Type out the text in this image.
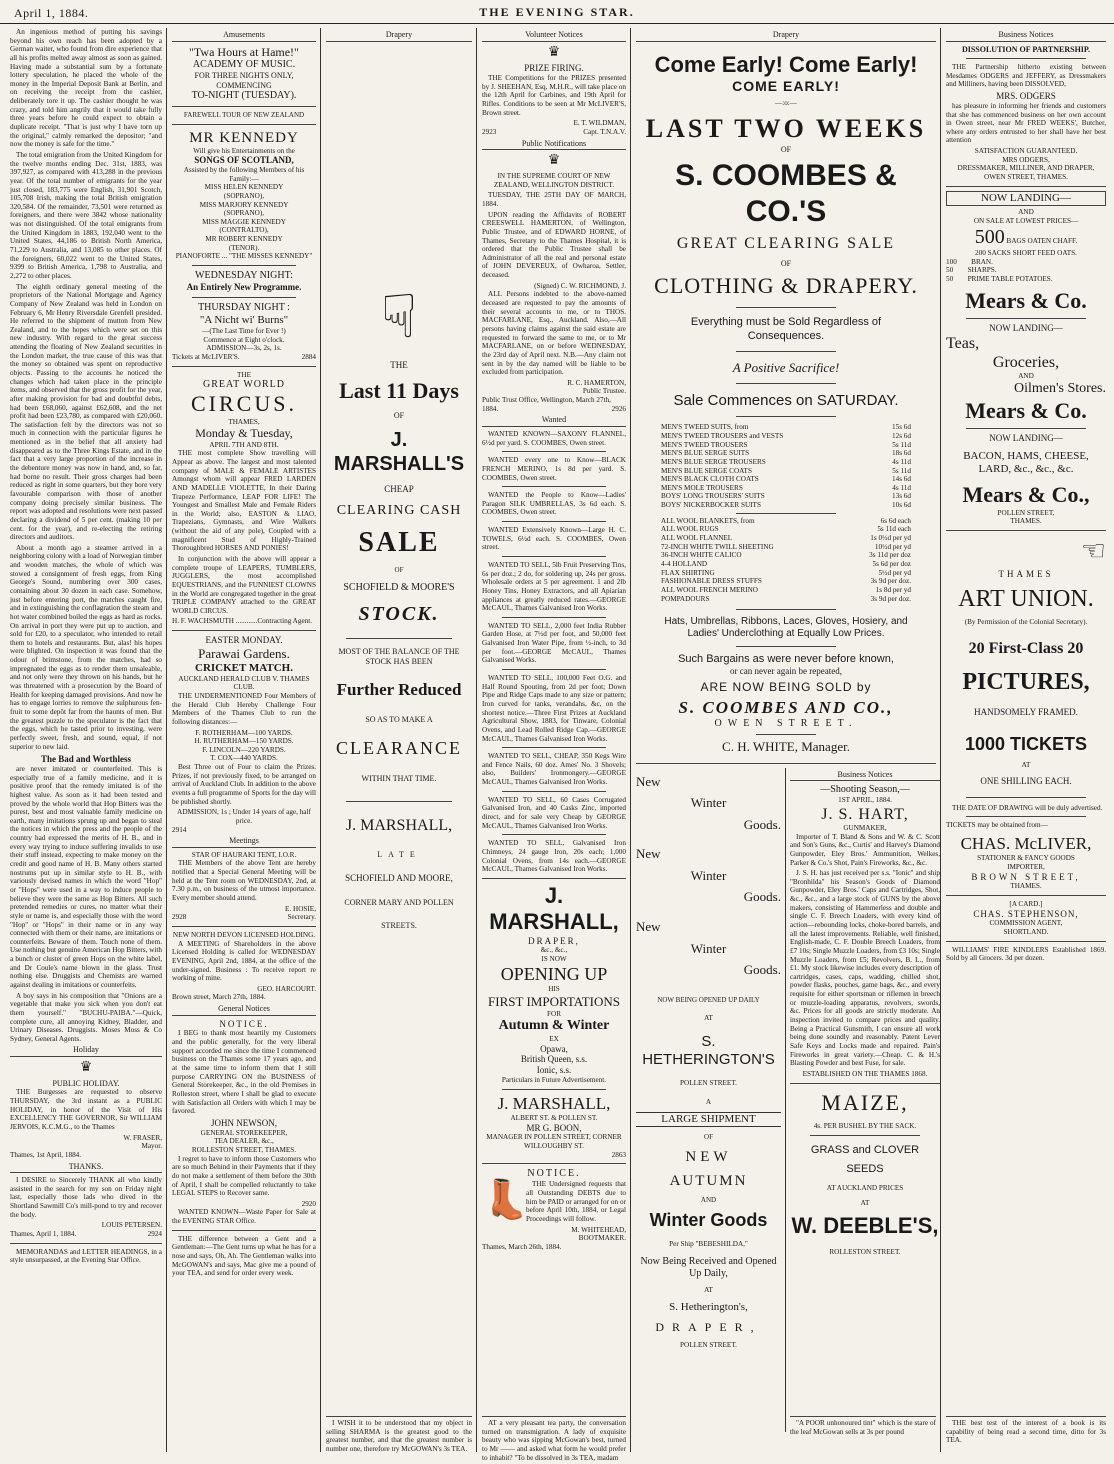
April 1, 1884.	THE EVENING STAR.

An ingenious method of putting his savings beyond his own reach has been adopted by a German waiter, who found from dire experience that all his profits melted away almost as soon as gained. Having made a substantial sum by a fortunate lottery speculation, he placed the whole of the money in the Imperial Deposit Bank at Berlin, and on receiving the receipt from the cashier, deliberately tore it up. The cashier thought he was crazy, and told him angrily that it would take fully three years before he could expect to obtain a duplicate receipt. "That is just why I have torn up the original," calmly remarked the depositor; "and now the money is safe for the time."

The total emigration from the United Kingdom for the twelve months ending Dec. 31st, 1883, was 397,927, as compared with 413,288 in the previous year. Of the total number of emigrants for the year just closed, 183,775 were English, 31,901 Scotch, 105,708 Irish, making the total British emigration 320,584. Of the remainder, 73,501 were returned as foreigners, and there were 3842 whose nationality was not distinguished. Of the total emigrants from the United Kingdom in 1883, 192,040 went to the United States, 44,186 to British North America, 71,229 to Australia, and 13,085 to other places. Of the foreigners, 60,022 went to the United States, 9399 to British America, 1,798 to Australia, and 2,272 to other places.

The eighth ordinary general meeting of the proprietors of the National Mortgage and Agency Company of New Zealand was held in London on February 6, Mr Henry Riversdale Grenfell presided. He referred to the shipment of mutton from New Zealand, and to the hopes which were set on this new industry. With regard to the great success attending the floating of New Zealand securities in the London market, the true cause of this was that the money so obtained was spent on reproductive objects. Passing to the accounts he noticed the changes which had taken place in the principle items, and observed that the gross profit for the year, after making provision for bad and doubtful debts, had been £68,060, against £62,608, and the net profit had been £23,780, as compared with £20,060. The satisfaction felt by the directors was not so much in connection with the particular figures he mentioned as in the belief that all anxiety had disappeared as to the Three Kings Estate, and in the fact that a very large proportion of the increase in the debenture money was now in hand, and, so far, had borne no result. Their gross charges had been reduced as right in some quarters, but they bore very favourable comparison with those of another company doing precisely similar business. The report was adopted and resolutions were next passed declaring a dividend of 5 per cent. (making 10 per cent. for the year), and re-electing the retiring directors and auditors.

About a month ago a steamer arrived in a neighboring colony with a load of Norwegian timber and wooden matches, the whole of which was stowed a consignment of fresh eggs, from King George's Sound, numbering over 300 cases, containing about 30 dozen in each case. Somehow, just before entering port, the matches caught fire, and in extinguishing the conflagration the steam and hot water combined boiled the eggs as hard as rocks. On arrival in port they were put up to auction, and sold for £20, to a speculator, who intended to retail them to hotels and restaurants. But, alas! his hopes were blighted. On inspection it was found that the odour of brimstone, from the matches, had so impregnated the eggs as to render them unsaleable, and not only were they thrown on his hands, but he was threatened with a prosecution by the Board of Health for keeping damaged provisions. And now he has to engage lorries to remove the sulphurous fen-fruit to some depôt far from the haunts of men. But the greatest puzzle to the speculator is the fact that the eggs, which he tasted prior to investing, were perfectly sweet, fresh, and sound, equal, if not superior to new laid.

The Bad and Worthless

are never imitated or counterfeited. This is especially true of a family medicine, and it is positive proof that the remedy imitated is of the highest value. As soon as it had been tested and proved by the whole world that Hop Bitters was the purest, best and most valuable family medicine on earth, many imitations sprung up and began to steal the notices in which the press and the people of the country had expressed the merits of H. B., and in every way trying to induce suffering invalids to use their stuff instead, expecting to make money on the credit and good name of H. B. Many others started nostrums put up in similar style to H. B., with variously devised names in which the word "Hop" or "Hops" were used in a way to induce people to believe they were the same as Hop Bitters. All such pretended remedies or cures, no matter what their style or name is, and especially those with the word "Hop" or "Hops" in their name or in any way connected with them or their name, are imitations or counterfeits. Beware of them. Touch none of them. Use nothing but genuine American Hop Bitters, with a bunch or cluster of green Hops on the white label, and Dr Coule's name blown in the glass. Trust nothing else. Druggists and Chemists are warned against dealing in imitations or counterfeits.

A boy says in his composition that "Onions are a vegetable that make you sick when you don't eat them yourself." "BUCHU-PAIBA."—Quick, complete cure, all annoying Kidney, Bladder, and Urinary Diseases. Druggists. Moses Moss & Co Sydney, General Agents.

Holiday
♛
PUBLIC HOLIDAY.

THE Burgesses are requested to observe THURSDAY, the 3rd instant as a PUBLIC HOLIDAY, in honor of the Visit of His EXCELLENCY THE GOVERNOR, Sir WILLIAM JERVOIS, K.C.M.G., to the Thames

W. FRASER,
Mayor.
Thames, 1st April, 1884.
THANKS.

I DESIRE to Sincerely THANK all who kindly assisted in the search for my son on Friday night last, especially those lads who dived in the Shortland Sawmill Co's mill-pond to try and recover the body.

LOUIS PETERSEN.
Thames, April 1, 1884.	2924

MEMORANDAS and LETTER HEADINGS, in a style unsurpassed, at the Evening Star Office.

Amusements
"Twa Hours at Hame!"
ACADEMY OF MUSIC.
FOR THREE NIGHTS ONLY, COMMENCING
TO-NIGHT (TUESDAY).
FAREWELL TOUR OF NEW ZEALAND
MR KENNEDY
Will give his Entertainments on the
SONGS OF SCOTLAND,
Assisted by the following Members of his Family:—
MISS HELEN KENNEDY
(SOPRANO),
MISS MARJORY KENNEDY
(SOPRANO),
MISS MAGGIE KENNEDY
(CONTRALTO),
MR ROBERT KENNEDY
(TENOR).
PIANOFORTE ... "THE MISSES KENNEDY"
WEDNESDAY NIGHT:
An Entirely New Programme.
THURSDAY NIGHT :
"A Nicht wi' Burns"
—(The Last Time for Ever !)
Commence at Eight o'clock.
ADMISSION—3s, 2s, 1s.
Tickets at McLIVER'S.	2884
THE
GREAT WORLD
CIRCUS.
THAMES,
Monday & Tuesday,
APRIL 7TH AND 8TH.

THE most complete Show travelling will Appear as above. The largest and most talented company of MALE & FEMALE ARTISTES Amongst whom will appear FRED LARDEN AND MADELLE VIOLETTE, In their Daring Trapeze Performance, LEAP FOR LIFE! The Youngest and Smallest Male and Female Riders in the World; also, EASTON & LIAO, Trapezians, Gymnasts, and Wire Walkers (without the aid of any pole), Coupled with a magnificent Stud of Highly-Trained Thoroughbred HORSES AND PONIES!

In conjunction with the above will appear a complete troupe of LEAPERS, TUMBLERS, JUGGLERS, the most accomplished EQUESTRIANS, and the FUNNIEST CLOWNS in the World are congregated together in the great TRIPLE COMPANY attached to the GREAT WORLD CIRCUS.

H. F. WACHSMUTH ............Contracting Agent.
EASTER MONDAY.
Parawai Gardens.
CRICKET MATCH.
AUCKLAND HERALD CLUB V. THAMES CLUB.

THE UNDERMENTIONED Four Members of the Herald Club Hereby Challenge Four Members of the Thames Club to run the following distances:—

F. ROTHERHAM—100 YARDS.
H. RUTHERHAM—150 YARDS.
F. LINCOLN—220 YARDS.
T. COX—440 YARDS.

Best Three out of Four to claim the Prizes. Prizes, if not previously fixed, to be arranged on arrival of Auckland Club. In addition to the above events a full programme of Sports for the day will be published shortly.

ADMISSION, 1s ; Under 14 years of age, half price.
2914
Meetings
STAR OF HAURAKI TENT, I.O.R.

THE Members of the above Tent are hereby notified that a Special General Meeting will be held at the Tent room on WEDNESDAY, 2nd, at 7.30 p.m., on business of the utmost importance. Every member should attend.

E. HOSIE,
2928	Secretary.
NEW NORTH DEVON LICENSED HOLDING.

A MEETING of Shareholders in the above Licensed Holding is called for WEDNESDAY EVENING, April 2nd, 1884, at the office of the under-signed. Business : To receive report re working of mine.

GEO. HARCOURT.
Brown street, March 27th, 1884.
General Notices
NOTICE.

I BEG to thank most heartily my Customers and the public generally, for the very liberal support accorded me since the time I commenced business on the Thames some 17 years ago, and at the same time to inform them that I still purpose CARRYING ON the BUSINESS of General Storekeeper, &c., in the old Premises in Rolleston street, where I shall be glad to execute with Satisfaction all Orders with which I may be favored.

JOHN NEWSON,
GENERAL STOREKEEPER,
TEA DEALER, &c.,
ROLLESTON STREET, THAMES.

I regret to have to inform those Customers who are so much Behind in their Payments that if they do not make a settlement of them before the 30th of April, I shall be compelled reluctantly to take LEGAL STEPS to Recover same.

2920

WANTED KNOWN—Waste Paper for Sale at the EVENING STAR Office.

THE difference between a Gent and a Gentleman:—The Gent turns up what he has for a nose and says, Oh, Ah. The Gentleman walks into McGOWAN's and says, Mac give me a pound of your TEA, and send for order every week.

Drapery
☟
THE
Last 11 Days
OF
J. MARSHALL'S
CHEAP
CLEARING CASH
SALE
OF
SCHOFIELD & MOORE'S
STOCK.

MOST OF THE BALANCE OF THE STOCK HAS BEEN

Further Reduced
SO AS TO MAKE A
CLEARANCE
WITHIN THAT TIME.
J. MARSHALL,
LATE
SCHOFIELD AND MOORE,
CORNER MARY AND POLLEN
STREETS.

I WISH it to be understood that my object in selling SHARMA is the greatest good to the greatest number, and that the greatest number is number one, therefore try McGOWAN's 3s TEA.

Volunteer Notices
♛
PRIZE FIRING.

THE Competitions for the PRIZES presented by J. SHEEHAN, Esq, M.H.R., will take place on the 12th April for Carbines, and 19th April for Rifles. Conditions to be seen at Mr McLIVER'S, Brown street.

E. T. WILDMAN,
2923	Capt. T.N.A.V.
Public Notifications
♛

IN THE SUPREME COURT OF NEW ZEALAND, WELLINGTON DISTRICT.

TUESDAY, THE 25TH DAY OF MARCH, 1884.

UPON reading the Affidavits of ROBERT CREESWELL HAMERTON, of Wellington, Public Trustee, and of EDWARD HORNE, of Thames, Secretary to the Thames Hospital, it is ordered that the Public Trustee shall be Administrator of all the real and personal estate of JOHN DEVEREUX, of Owharoa, Settler, deceased.

(Signed) C. W. RICHMOND, J.

ALL Persons indebted to the above-named deceased are requested to pay the amounts of their several accounts to me, or to THOS. MACFARLANE, Esq., Auckland. Also,—All persons having claims against the said estate are requested to forward the same to me, or to Mr MACFARLANE, on or before WEDNESDAY, the 23rd day of April next. N.B.—Any claim not sent in by the day named will be liable to be excluded from participation.

R. C. HAMERTON,
Public Trustee.
Public Trust Office, Wellington, March 27th, 1884.	2926
Wanted

WANTED KNOWN—SAXONY FLANNEL, 6½d per yard. S. COOMBES, Owen street.

WANTED every one to Know—BLACK FRENCH MERINO, 1s 8d per yard. S. COOMBES, Owen street.

WANTED the People to Know—Ladies' Paragon SILK UMBRELLAS, 3s 6d each. S. COOMBES, Owen street.

WANTED Extensively Known—Large H. C. TOWELS, 6½d each. S. COOMBES, Owen street.

WANTED TO SELL, 5lb Fruit Preserving Tins, 6s per doz.; 2 do, for soldering up, 24s per gross. Wholesale orders at 5 per agreement. 1 and 2lb Honey Tins, Honey Extractors, and all Apiarian appliances at greatly reduced rates.—GEORGE McCAUL, Thames Galvanised Iron Works.

WANTED TO SELL, 2,000 feet India Rubber Garden Hose, at 7½d per foot, and 50,000 feet Galvanised Iron Water Pipe, from ½-inch, to 3d per foot.—GEORGE McCAUL, Thames Galvanised Works.

WANTED TO SELL, 100,000 Feet O.G. and Half Round Spouting, from 2d per foot; Down Pipe and Ridge Caps made to any size or pattern; Iron curved for tanks, verandahs, &c, on the shortest notice.—Three First Prizes at Auckland Agricultural Show, 1883, for Tinware, Colonial Ovens, and Lead Rolled Ridge Cap.—GEORGE McCAUL, Thames Galvanised Iron Works.

WANTED TO SELL, CHEAP, 350 Kegs Wire and Fence Nails, 60 doz. Ames' No. 3 Shovels; also, Builders' Ironmongery.—GEORGE McCAUL, Thames Galvanised Iron Works.

WANTED TO SELL, 60 Cases Corrugated Galvanised Iron, and 40 Casks Zinc, imported direct, and for sale very Cheap by GEORGE McCAUL, Thames Galvanised Iron Works.

WANTED TO SELL, Galvanised Iron Chimneys, 24 gauge Iron, 20s each; 1,000 Colonial Ovens, from 14s each.—GEORGE McCAUL, Thames Galvanised Iron Works.

J. MARSHALL,
DRAPER,
&c., &c.,
IS NOW
OPENING UP
HIS
FIRST IMPORTATIONS
FOR
Autumn & Winter
EX
Opawa,
British Queen, s.s.
Ionic, s.s.
Particulars in Future Advertisement.
J. MARSHALL,
ALBERT ST. & POLLEN ST.
MR G. BOON,
MANAGER IN POLLEN STREET, CORNER WILLOUGHBY ST.
2863
NOTICE.
👢 THE Undersigned requests that all Outstanding DEBTS due to him be PAID or arranged for on or before April 10th, 1884, or Legal Proceedings will follow.

M. WHITEHEAD,
BOOTMAKER.
Thames, March 26th, 1884.

AT a very pleasant tea party, the conversation turned on transmigration. A lady of exquisite beauty who was sipping McGowan's best, turned to Mr —— and asked what form he would prefer to inhabit? "To be dissolved in 3s TEA, madam

Drapery
Come Early! Come Early!
COME EARLY!
—:o:—
LAST TWO WEEKS
OF
S. COOMBES & CO.'S
GREAT CLEARING SALE
OF
CLOTHING & DRAPERY.
Everything must be Sold Regardless of Consequences.
A Positive Sacrifice!
Sale Commences on SATURDAY.
MEN'S TWEED SUITS, from	15s 6d
MEN'S TWEED TROUSERS and VESTS	12s 6d
MEN'S TWEED TROUSERS	5s 11d
MEN'S BLUE SERGE SUITS	18s 6d
MEN'S BLUE SERGE TROUSERS	4s 11d
MEN'S BLUE SERGE COATS	5s 11d
MEN'S BLACK CLOTH COATS	14s 6d
MEN'S MOLE TROUSERS	4s 11d
BOYS' LONG TROUSERS' SUITS	13s 6d
BOYS' NICKERBOCKER SUITS	10s 6d
ALL WOOL BLANKETS, from	6s 6d each
ALL WOOL RUGS	5s 11d each
ALL WOOL FLANNEL	1s 0½d per yd
72-INCH WHITE TWILL SHEETING	10½d per yd
36-INCH WHITE CALICO	3s 11d per doz
4-4 HOLLAND	5s 6d per doz
FLAX SHIRTING	5½d per yd
FASHIONABLE DRESS STUFFS	3s 9d per doz.
ALL WOOL FRENCH MERINO	1s 8d per yd
POMPADOURS	3s 9d per doz.
Hats, Umbrellas, Ribbons, Laces, Gloves, Hosiery, and Ladies' Underclothing at Equally Low Prices.
Such Bargains as were never before known,
or can never again be repeated,
ARE NOW BEING SOLD by
S. COOMBES AND CO.,
OWEN STREET.
C. H. WHITE, Manager.
New
Winter
Goods.
New
Winter
Goods.
New
Winter
Goods.
NOW BEING OPENED UP DAILY
AT
S. HETHERINGTON'S
POLLEN STREET.
A
LARGE SHIPMENT
OF
NEW
AUTUMN
AND
Winter Goods
Per Ship "BEBESHILDA,"
Now Being Received and Opened Up Daily,
AT
S. Hetherington's,
DRAPER,
POLLEN STREET.
Business Notices
—Shooting Season,—
1ST APRIL, 1884.
J. S. HART,
GUNMAKER,

Importer of T. Bland & Sons and W. & C. Scott and Son's Guns, &c., Curtis' and Harvey's Diamond Gunpowder, Eley Bros.' Ammunition, Welkes, Parker & Co.'s Shot, Pain's Fireworks, &c., &c.

J. S. H. has just received per s.s. "Ionic" and ship "Bronhilda" his Season's Goods of Diamond Gunpowder, Eley Bros.' Caps and Cartridges, Shot, &c., &c., and a large stock of GUNS by the above makers, consisting of Hammerless and double and single C. F. Breech Loaders, with every kind of action—rebounding locks, choke-bored barrels, and all the latest improvements. Reliable, well finished, English-made, C. F. Double Breech Loaders, from £7 10s; Single Muzzle Loaders, from £3 10s; Single Muzzle Loaders, from £5; Revolvers, B. L., from £1. My stock likewise includes every description of cartridges, cases, caps, wadding, chilled shot, powder flasks, pouches, game bags, &c., and every requisite for either sportsman or riflemen in breech or muzzle-loading apparatus, revolvers, swords, &c. Prices for all goods are strictly moderate. An inspection invited to compare prices and quality. Being a Practical Gunsmith, I can ensure all work being done soundly and reasonably. Patent Lever Safe Keys and Locks made and repaired. Pain's Fireworks in great variety.—Cheap. C. & H.'s Blasting Powder and best Fuse, for sale.

ESTABLISHED ON THE THAMES 1868.
MAIZE,
4s. PER BUSHEL BY THE SACK.
GRASS and CLOVER
SEEDS
AT AUCKLAND PRICES
AT
W. DEEBLE'S,
ROLLESTON STREET.

"A POOR unhonoured tint" which is the stare of the leaf McGowan sells at 3s per pound

Business Notices
DISSOLUTION OF PARTNERSHIP.

THE Partnership hitherto existing between Mesdames ODGERS and JEFFERY, as Dressmakers and Milliners, having been DISSOLVED,

MRS. ODGERS

has pleasure in informing her friends and customers that she has commenced business on her own account in Owen street, near Mr FRED WEEKS', Butcher, where any orders entrusted to her shall have her best attention

SATISFACTION GUARANTEED.
MRS ODGERS,
DRESSMAKER, MILLINER, AND DRAPER, OWEN STREET, THAMES.
NOW LANDING—
AND
ON SALE AT LOWEST PRICES—
500 BAGS OATEN CHAFF.
200 SACKS SHORT FEED OATS.
100 BRAN.
50 SHARPS.
50 PRIME TABLE POTATOES.
Mears & Co.
NOW LANDING—
Teas,
Groceries,
AND
Oilmen's Stores.
Mears & Co.
NOW LANDING—
BACON, HAMS, CHEESE, LARD, &c., &c., &c.
Mears & Co.,
POLLEN STREET,
THAMES.
☜
THAMES
ART UNION.
(By Permission of the Colonial Secretary).
20 First-Class 20
PICTURES,
HANDSOMELY FRAMED.
1000 TICKETS
AT
ONE SHILLING EACH.

THE DATE OF DRAWING will be duly advertised.

TICKETS may be obtained from—
CHAS. McLIVER,
STATIONER & FANCY GOODS
IMPORTER,
BROWN STREET,
THAMES.
[A CARD.]
CHAS. STEPHENSON,
COMMISSION AGENT,
SHORTLAND.

WILLIAMS' FIRE KINDLERS Established 1869. Sold by all Grocers. 3d per dozen.

THE best test of the interest of a book is its capability of being read a second time, ditto for 3s TEA.
